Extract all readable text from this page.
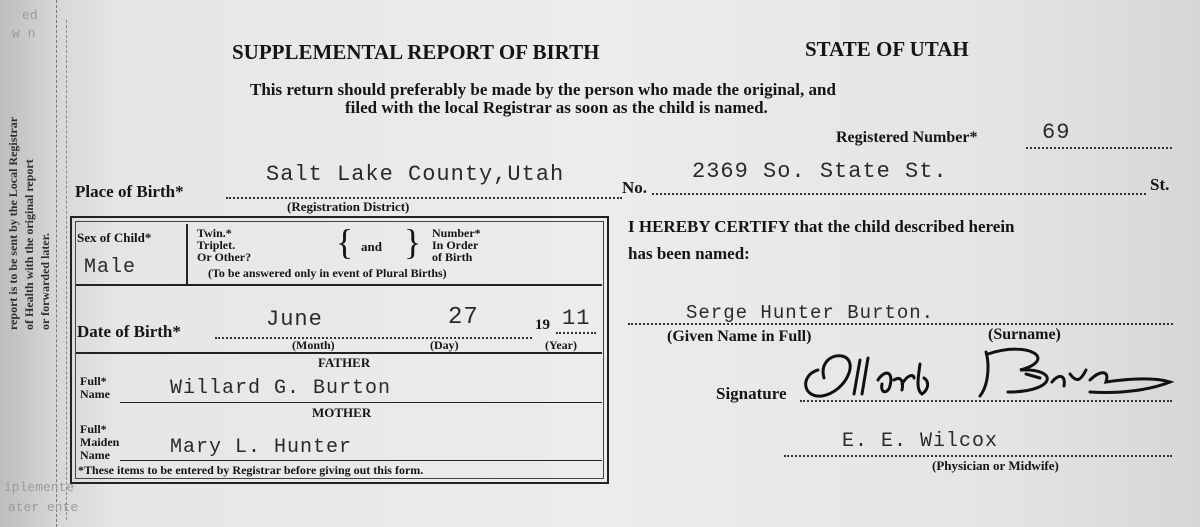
ed
w n
report is to be sent by the Local Registrar of Health with the original report or forwarded later.
SUPPLEMENTAL REPORT OF BIRTH	STATE OF UTAH
This return should preferably be made by the person who made the original, and
filed with the local Registrar as soon as the child is named.
Registered Number*	69
Place of Birth*
Salt Lake County,Utah
(Registration District)
No.
2369 So. State St.
St.
Sex of Child*
Male
Twin.*
Triplet.
Or Other? { and } Number*
In Order
of Birth
(To be answered only in event of Plural Births)
Date of Birth*	June	27	19 11
(Month)	(Day)	(Year)
FATHER
Full*
Name	Willard G. Burton
MOTHER
Full*
Maiden
Name	Mary L. Hunter
*These items to be entered by Registrar before giving out this form.
I HEREBY CERTIFY that the child described herein
has been named:
Serge Hunter Burton.
(Given Name in Full)	(Surname)
Signature
E. E. Wilcox
(Physician or Midwife)
iplemente
ater ente
